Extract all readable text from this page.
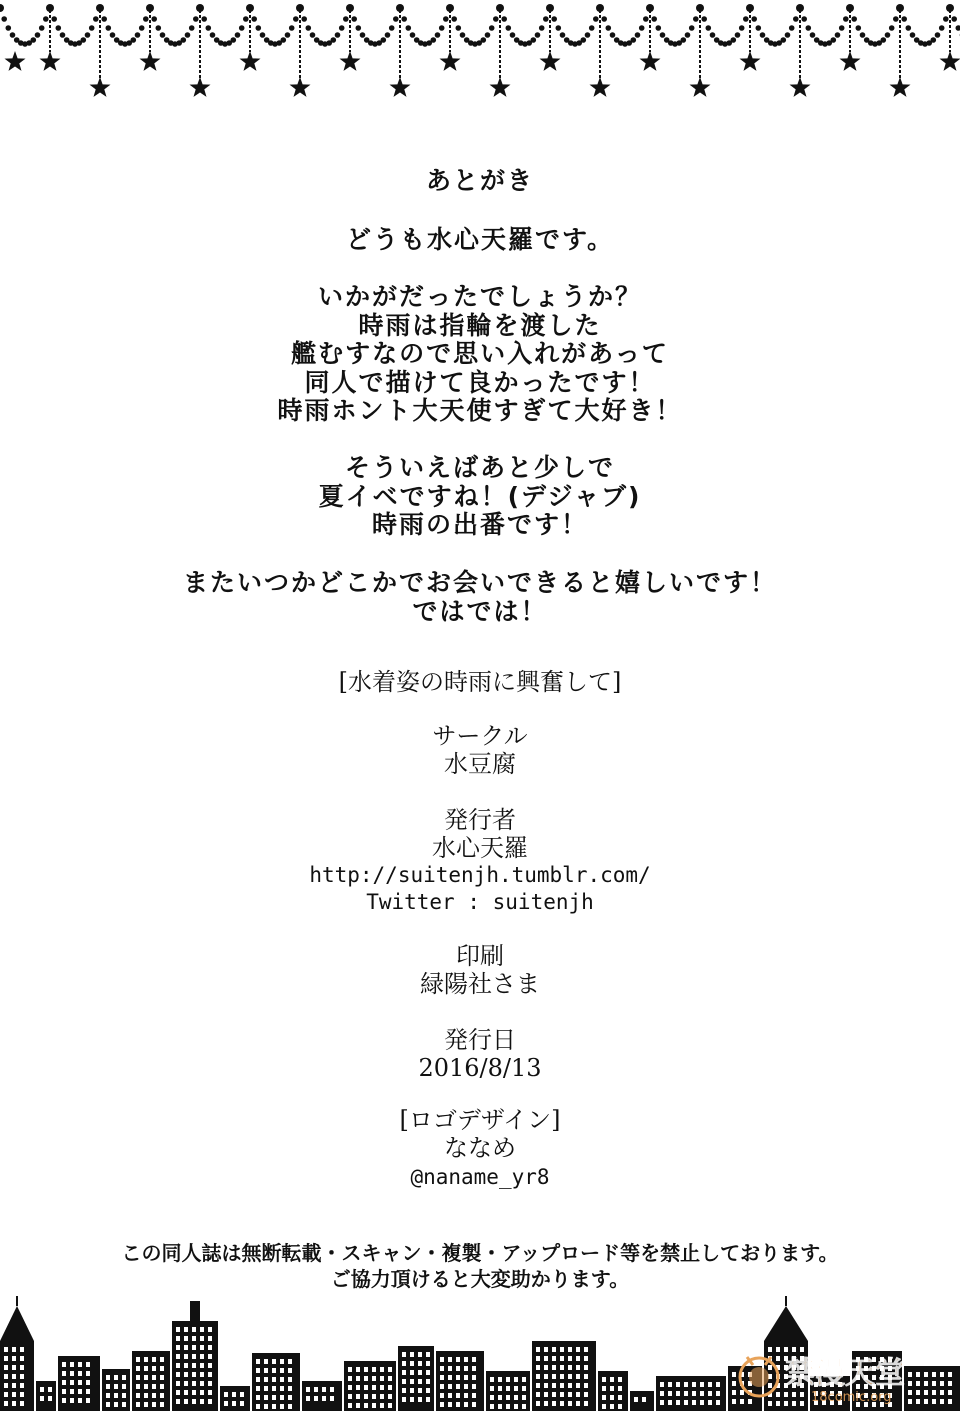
あとがき
どうも水心天羅です。
いかがだったでしょうか？
時雨は指輪を渡した
艦むすなので思い入れがあって
同人で描けて良かったです！
時雨ホント大天使すぎて大好き！
そういえばあと少しで
夏イベですね！(デジャブ)
時雨の出番です！
またいつかどこかでお会いできると嬉しいです！
ではでは！
[水着姿の時雨に興奮して]
サークル
水豆腐
発行者
水心天羅
http://suitenjh.tumblr.com/
Twitter : suitenjh
印刷
緑陽社さま
発行日
2016/8/13
[ロゴデザイン]
ななめ
@naname_yr8
この同人誌は無断転載・スキャン・複製・アップロード等を禁止しております。
ご協力頂けると大変助かります。
禁漫天堂
18comic.org
